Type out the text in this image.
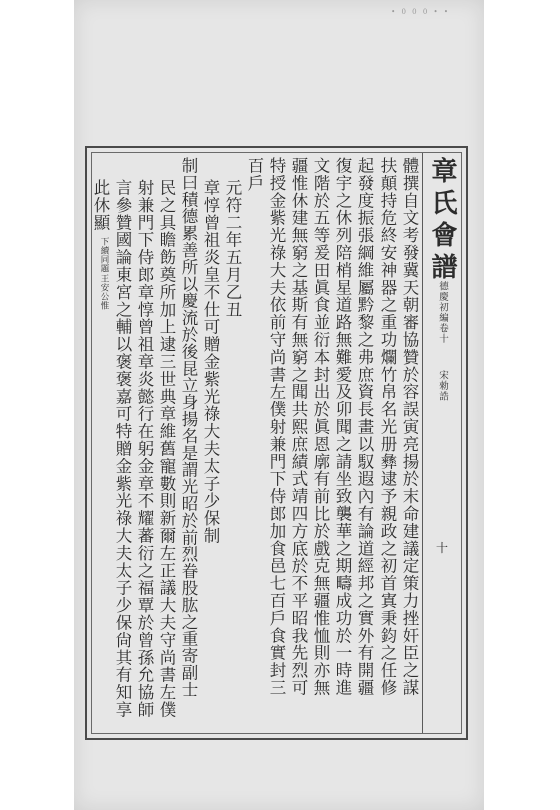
• 0 0 0 • •
體撰自文考發冀天朝審協贊於容誤寅亮揚於末命建議定策力挫奸臣之謀
扶顛持危終安神器之重功爛竹帛名光册彝逮予親政之初首寘秉鈞之任修
起發度振張綱維屬黔黎之弗庶資長畫以馭遐內有論道經邦之實外有開疆
復宇之休列陪梢星道路無難愛及卯聞之請坐致襲華之期疇成功於一時進
文階於五等爰田眞食並衍本封出於眞恩廓有前比於戲克無疆惟恤則亦無
疆惟休建無窮之基斯有無窮之聞共熙庶績式靖四方底於不平昭我先烈可
特授金紫光祿大夫依前守尚書左僕射兼門下侍郎加食邑七百戶食實封三
百戶
元符二年五月乙丑
章惇曾祖炎皇不仕可贈金紫光祿大夫太子少保制
制曰積德累善所以慶流於後昆立身揚名是謂光昭於前烈眷股肱之重寄副士
民之具瞻飭奠所加上逮三世典章維舊寵數則新爾左正議大夫守尚書左僕
射兼門下侍郎章惇曾祖章炎懿行在躬金章不耀蕃衍之福覃於曾孫允協師
言參贊國論東宮之輔以褒褒嘉可特贈金紫光祿大夫太子少保尙其有知享
此休顯
王安公惟
下續同題	章氏會譜
德慶初編卷十
宋勑誥
十
